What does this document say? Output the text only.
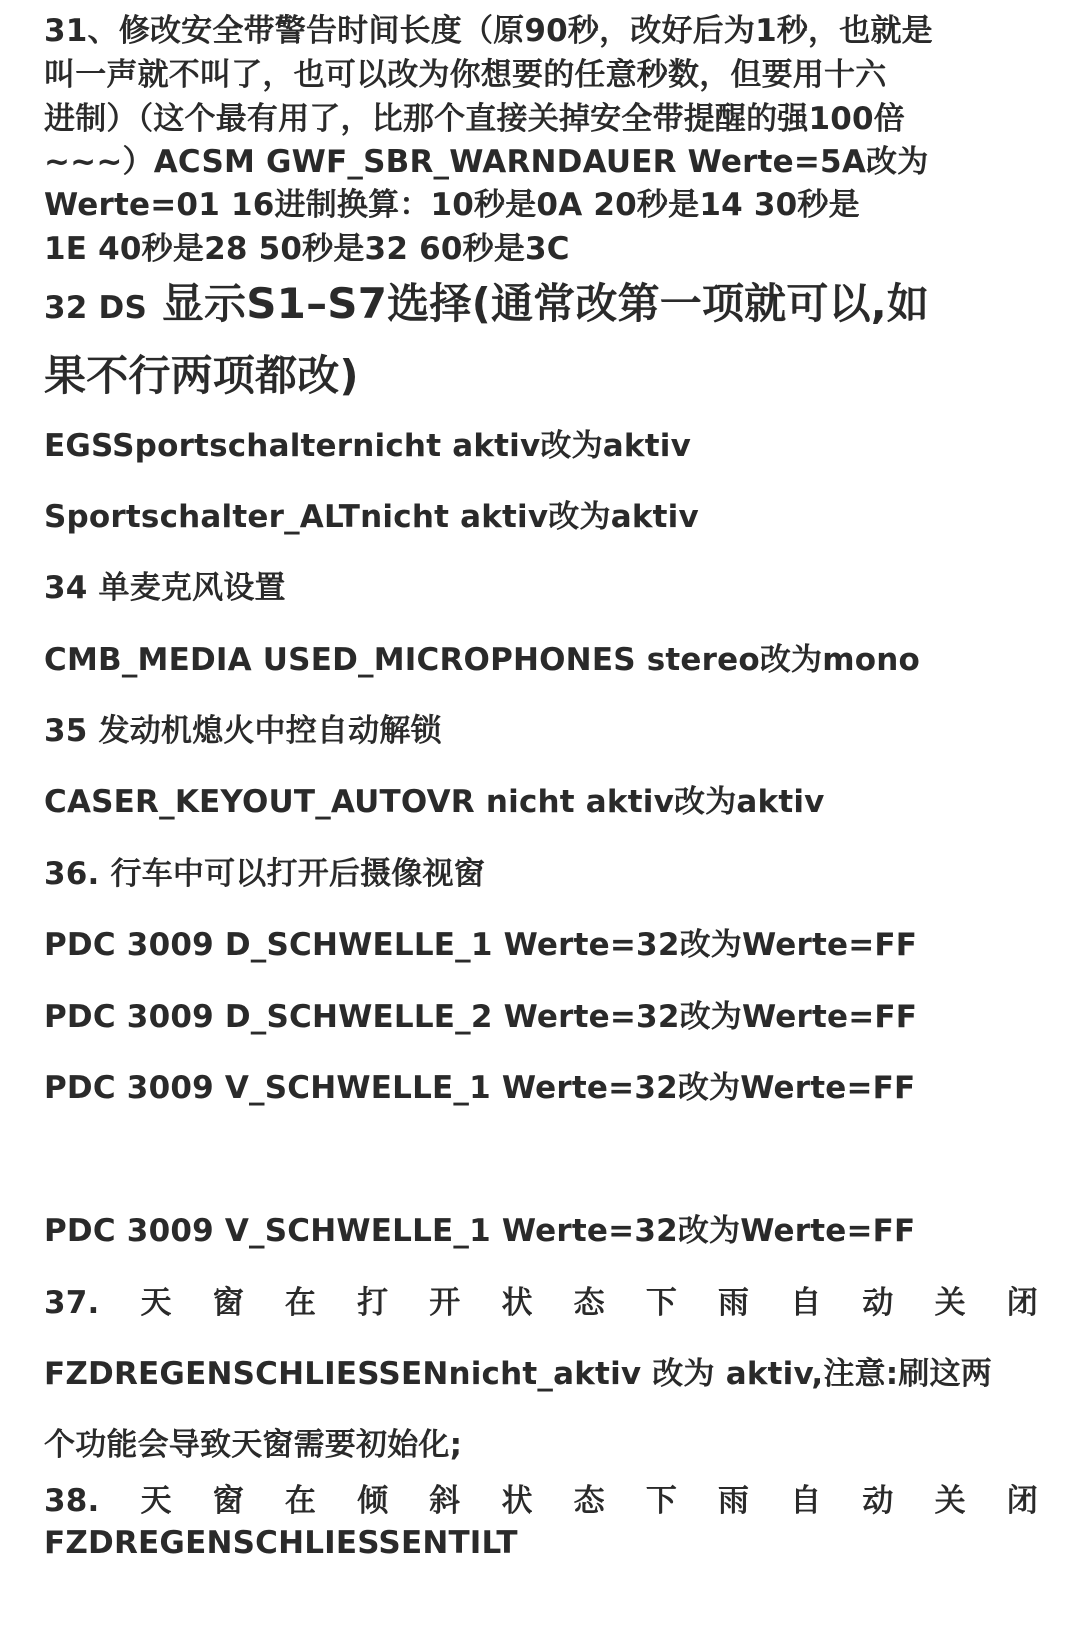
31、修改安全带警告时间长度（原90秒，改好后为1秒，也就是
叫一声就不叫了，也可以改为你想要的任意秒数，但要用十六
进制）（这个最有用了，比那个直接关掉安全带提醒的强100倍
~~~）ACSM GWF_SBR_WARNDAUER Werte=5A改为
Werte=01 16进制换算：10秒是0A 20秒是14 30秒是
1E 40秒是28 50秒是32 60秒是3C
32 DS 显示S1–S7选择(通常改第一项就可以,如
果不行两项都改)
EGSSportschalternicht aktiv改为aktiv
Sportschalter_ALTnicht aktiv改为aktiv
34 单麦克风设置
CMB_MEDIA USED_MICROPHONES stereo改为mono
35 发动机熄火中控自动解锁
CASER_KEYOUT_AUTOVR nicht aktiv改为aktiv
36. 行车中可以打开后摄像视窗
PDC 3009 D_SCHWELLE_1 Werte=32改为Werte=FF
PDC 3009 D_SCHWELLE_2 Werte=32改为Werte=FF
PDC 3009 V_SCHWELLE_1 Werte=32改为Werte=FF
PDC 3009 V_SCHWELLE_1 Werte=32改为Werte=FF
37. 天 窗 在 打 开 状 态 下 雨 自 动 关 闭
FZDREGENSCHLIESSENnicht_aktiv 改为 aktiv,注意:刷这两
个功能会导致天窗需要初始化;
38. 天 窗 在 倾 斜 状 态 下 雨 自 动 关 闭
FZDREGENSCHLIESSENTILT
